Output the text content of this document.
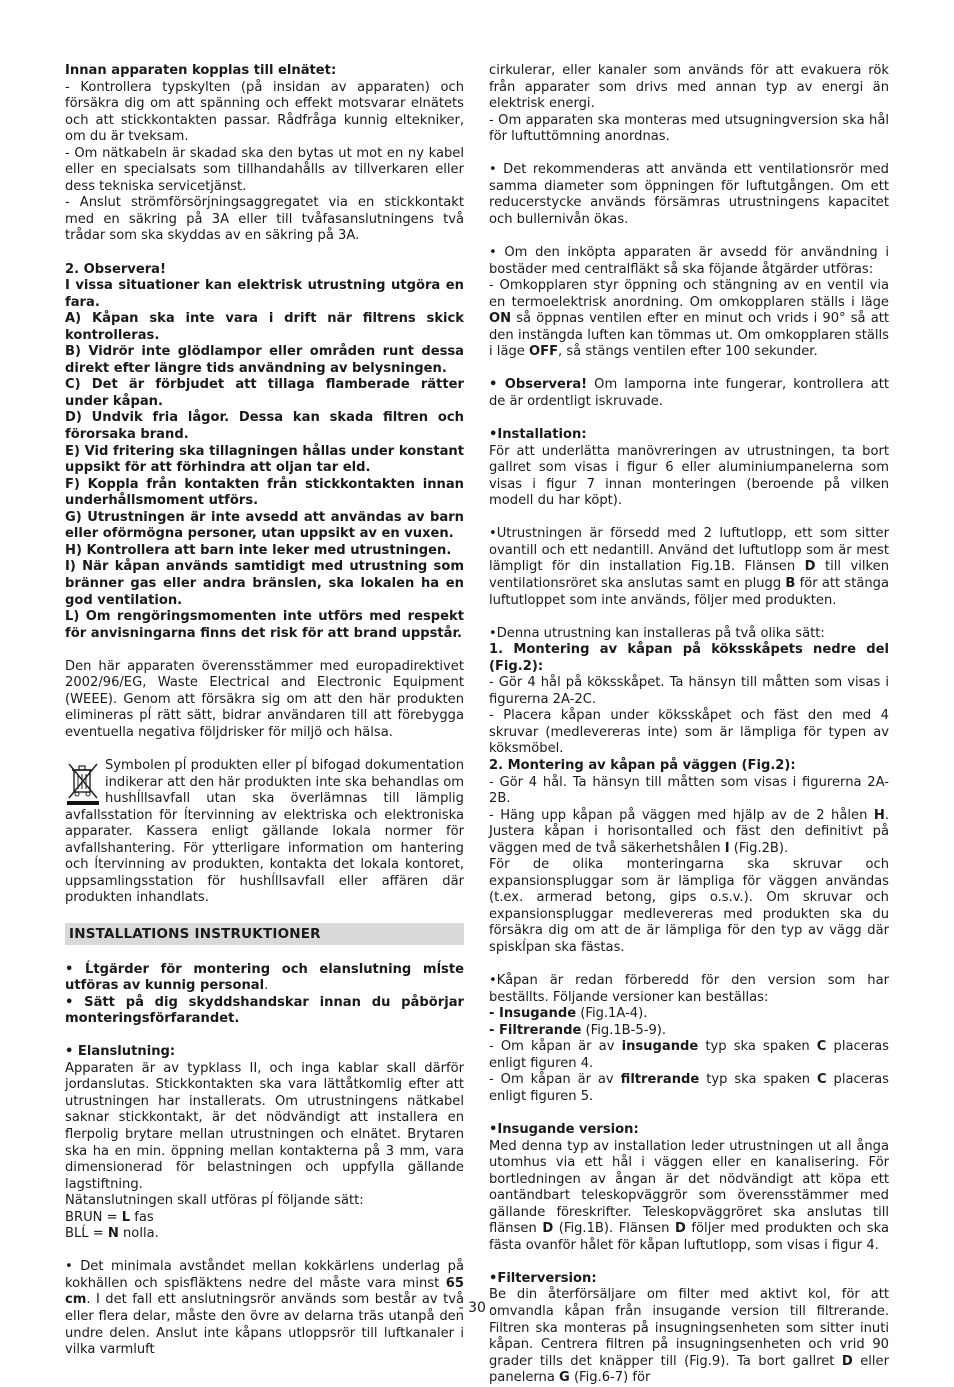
Innan apparaten kopplas till elnätet:

- Kontrollera typskylten (på insidan av apparaten) och försäkra dig om att spänning och effekt motsvarar elnätets och att stickkontakten passar. Rådfråga kunnig eltekniker, om du är tveksam.

- Om nätkabeln är skadad ska den bytas ut mot en ny kabel eller en specialsats som tillhandahålls av tillverkaren eller dess tekniska servicetjänst.

- Anslut strömförsörjningsaggregatet via en stickkontakt med en säkring på 3A eller till tvåfasanslutningens två trådar som ska skyddas av en säkring på 3A.

2. Observera!

I vissa situationer kan elektrisk utrustning utgöra en fara.

A) Kåpan ska inte vara i drift när filtrens skick kontrolleras.

B) Vidrör inte glödlampor eller områden runt dessa direkt efter längre tids användning av belysningen.

C) Det är förbjudet att tillaga flamberade rätter under kåpan.

D) Undvik fria lågor. Dessa kan skada filtren och förorsaka brand.

E) Vid fritering ska tillagningen hållas under konstant uppsikt för att förhindra att oljan tar eld.

F) Koppla från kontakten från stickkontakten innan underhållsmoment utförs.

G) Utrustningen är inte avsedd att användas av barn eller oförmögna personer, utan uppsikt av en vuxen.

H) Kontrollera att barn inte leker med utrustningen.

I) När kåpan används samtidigt med utrustning som bränner gas eller andra bränslen, ska lokalen ha en god ventilation.

L) Om rengöringsmomenten inte utförs med respekt för anvisningarna finns det risk för att brand uppstår.

Den här apparaten överensstämmer med europadirektivet 2002/96/EG, Waste Electrical and Electronic Equipment (WEEE). Genom att försäkra sig om att den här produkten elimineras pĺ rätt sätt, bidrar användaren till att förebygga eventuella negativa följdrisker för miljö och hälsa.

Symbolen pĺ produkten eller pĺ bifogad dokumentation indikerar att den här produkten inte ska behandlas om hushĺllsavfall utan ska överlämnas till lämplig avfallsstation för ĺtervinning av elektriska och elektroniska apparater. Kassera enligt gällande lokala normer för avfallshantering. För ytterligare information om hantering och ĺtervinning av produkten, kontakta det lokala kontoret, uppsamlingsstation för hushĺllsavfall eller affären där produkten inhandlats.

INSTALLATIONS INSTRUKTIONER

• Ĺtgärder för montering och elanslutning mĺste utföras av kunnig personal.

• Sätt på dig skyddshandskar innan du påbörjar monteringsförfarandet.

• Elanslutning:

Apparaten är av typklass II, och inga kablar skall därför jordanslutas. Stickkontakten ska vara lättåtkomlig efter att utrustningen har installerats. Om utrustningens nätkabel saknar stickkontakt, är det nödvändigt att installera en flerpolig brytare mellan utrustningen och elnätet. Brytaren ska ha en min. öppning mellan kontakterna på 3 mm, vara dimensionerad för belastningen och uppfylla gällande lagstiftning.

Nätanslutningen skall utföras pĺ följande sätt:

BRUN = L fas

BLĹ = N nolla.

• Det minimala avståndet mellan kokkärlens underlag på kokhällen och spisfläktens nedre del måste vara minst 65 cm. I det fall ett anslutningsrör används som består av två eller flera delar, måste den övre av delarna träs utanpå den undre delen. Anslut inte kåpans utloppsrör till luftkanaler i vilka varmluft

cirkulerar, eller kanaler som används för att evakuera rök från apparater som drivs med annan typ av energi än elektrisk energi.

- Om apparaten ska monteras med utsugningversion ska hål för luftuttömning anordnas.

• Det rekommenderas att använda ett ventilationsrör med samma diameter som öppningen för luftutgången. Om ett reducerstycke används försämras utrustningens kapacitet och bullernivån ökas.

• Om den inköpta apparaten är avsedd för användning i bostäder med centralfläkt så ska föjande åtgärder utföras:

- Omkopplaren styr öppning och stängning av en ventil via en termoelektrisk anordning. Om omkopplaren ställs i läge ON så öppnas ventilen efter en minut och vrids i 90° så att den instängda luften kan tömmas ut. Om omkopplaren ställs i läge OFF, så stängs ventilen efter 100 sekunder.

• Observera! Om lamporna inte fungerar, kontrollera att de är ordentligt iskruvade.

•Installation:

För att underlätta manövreringen av utrustningen, ta bort gallret som visas i figur 6 eller aluminiumpanelerna som visas i figur 7 innan monteringen (beroende på vilken modell du har köpt).

•Utrustningen är försedd med 2 luftutlopp, ett som sitter ovantill och ett nedantill. Använd det luftutlopp som är mest lämpligt för din installation Fig.1B. Flänsen D till vilken ventilationsröret ska anslutas samt en plugg B för att stänga luftutloppet som inte används, följer med produkten.

•Denna utrustning kan installeras på två olika sätt:

1. Montering av kåpan på köksskåpets nedre del (Fig.2):

- Gör 4 hål på köksskåpet. Ta hänsyn till måtten som visas i figurerna 2A-2C.

- Placera kåpan under köksskåpet och fäst den med 4 skruvar (medlevereras inte) som är lämpliga för typen av köksmöbel.

2. Montering av kåpan på väggen (Fig.2):

- Gör 4 hål. Ta hänsyn till måtten som visas i figurerna 2A-2B.

- Häng upp kåpan på väggen med hjälp av de 2 hålen H. Justera kåpan i horisontalled och fäst den definitivt på väggen med de två säkerhetshålen I (Fig.2B).

För de olika monteringarna ska skruvar och expansionspluggar som är lämpliga för väggen användas (t.ex. armerad betong, gips o.s.v.). Om skruvar och expansionspluggar medlevereras med produkten ska du försäkra dig om att de är lämpliga för den typ av vägg där spiskĺpan ska fästas.

•Kåpan är redan förberedd för den version som har beställts. Följande versioner kan beställas:

- Insugande (Fig.1A-4).

- Filtrerande (Fig.1B-5-9).

- Om kåpan är av insugande typ ska spaken C placeras enligt figuren 4.

- Om kåpan är av filtrerande typ ska spaken C placeras enligt figuren 5.

•Insugande version:

Med denna typ av installation leder utrustningen ut all ånga utomhus via ett hål i väggen eller en kanalisering. För bortledningen av ångan är det nödvändigt att köpa ett oantändbart teleskopväggrör som överensstämmer med gällande föreskrifter. Teleskopväggröret ska anslutas till flänsen D (Fig.1B). Flänsen D följer med produkten och ska fästa ovanför hålet för kåpan luftutlopp, som visas i figur 4.

•Filterversion:

Be din återförsäljare om filter med aktivt kol, för att omvandla kåpan från insugande version till filtrerande. Filtren ska monteras på insugningsenheten som sitter inuti kåpan. Centrera filtren på insugningsenheten och vrid 90 grader tills det knäpper till (Fig.9). Ta bort gallret D eller panelerna G (Fig.6-7) för

- 30 -
